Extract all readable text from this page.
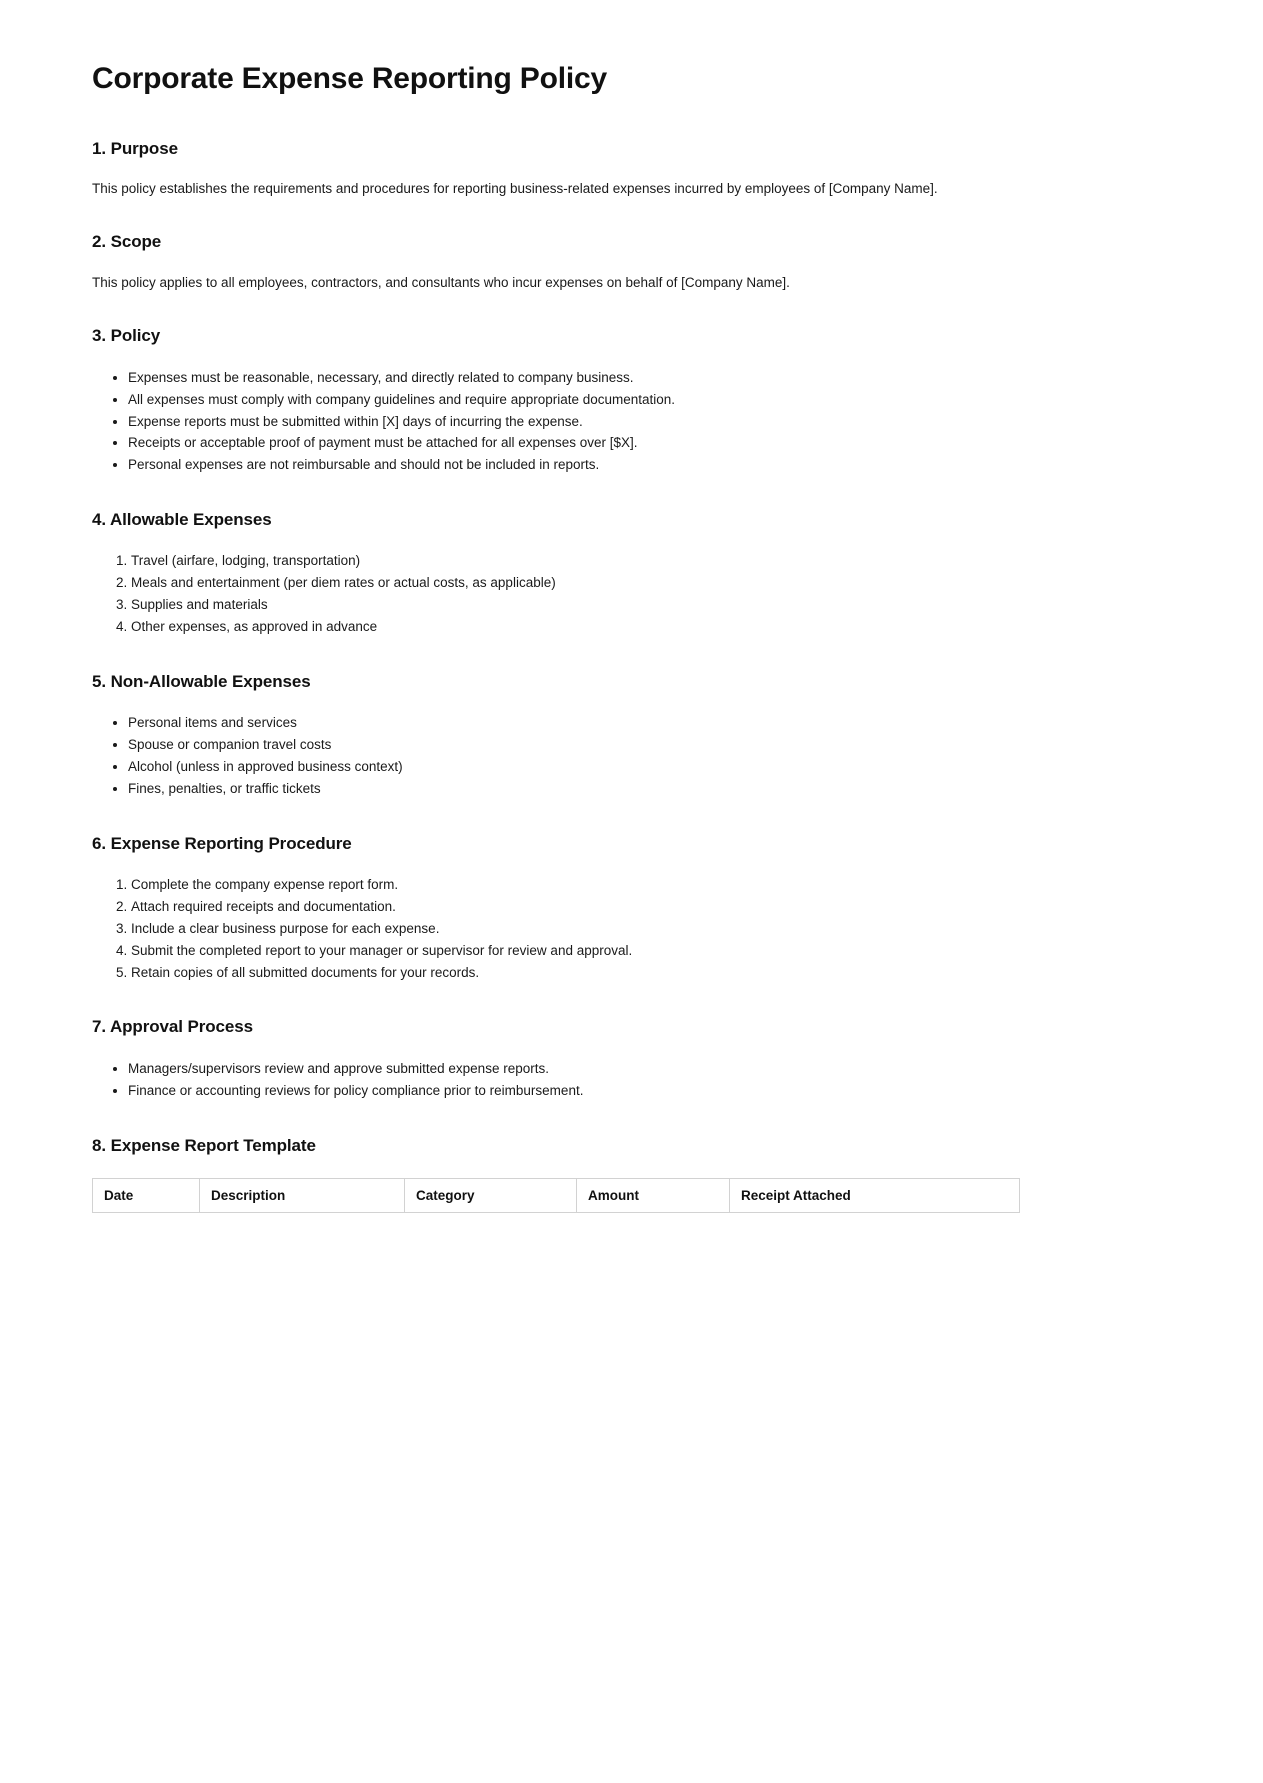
Corporate Expense Reporting Policy
1. Purpose

This policy establishes the requirements and procedures for reporting business-related expenses incurred by employees of [Company Name].

2. Scope

This policy applies to all employees, contractors, and consultants who incur expenses on behalf of [Company Name].

3. Policy
• Expenses must be reasonable, necessary, and directly related to company business.
• All expenses must comply with company guidelines and require appropriate documentation.
• Expense reports must be submitted within [X] days of incurring the expense.
• Receipts or acceptable proof of payment must be attached for all expenses over [$X].
• Personal expenses are not reimbursable and should not be included in reports.
4. Allowable Expenses
1. Travel (airfare, lodging, transportation)
2. Meals and entertainment (per diem rates or actual costs, as applicable)
3. Supplies and materials
4. Other expenses, as approved in advance
5. Non-Allowable Expenses
• Personal items and services
• Spouse or companion travel costs
• Alcohol (unless in approved business context)
• Fines, penalties, or traffic tickets
6. Expense Reporting Procedure
1. Complete the company expense report form.
2. Attach required receipts and documentation.
3. Include a clear business purpose for each expense.
4. Submit the completed report to your manager or supervisor for review and approval.
5. Retain copies of all submitted documents for your records.
7. Approval Process
• Managers/supervisors review and approve submitted expense reports.
• Finance or accounting reviews for policy compliance prior to reimbursement.
8. Expense Report Template
Date	Description	Category	Amount	Receipt Attached
